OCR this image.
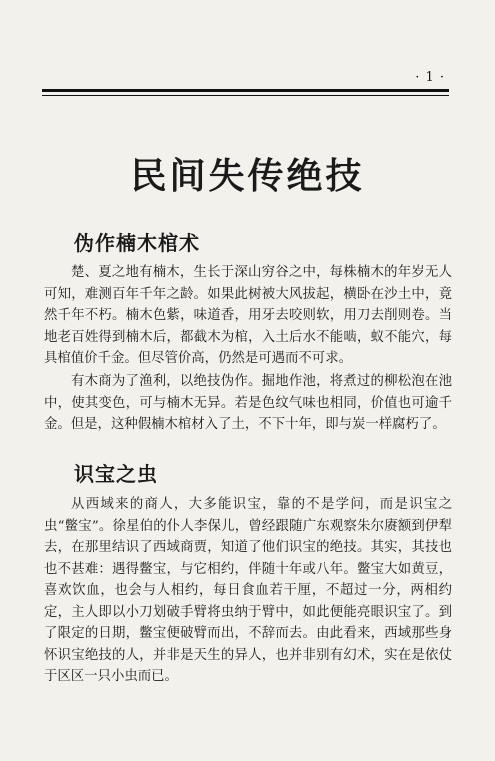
· 1 ·
民间失传绝技
伪作楠木棺术

楚、夏之地有楠木，生长于深山穷谷之中，每株楠木的年岁无人可知，难测百年千年之龄。如果此树被大风拔起，横卧在沙土中，竟然千年不朽。楠木色紫，味道香，用牙去咬则软，用刀去削则卷。当地老百姓得到楠木后，都截木为棺，入土后水不能啮，蚁不能穴，每具棺值价千金。但尽管价高，仍然是可遇而不可求。

有木商为了渔利，以绝技伪作。掘地作池，将煮过的柳松泡在池中，使其变色，可与楠木无异。若是色纹气味也相同，价值也可逾千金。但是，这种假楠木棺材入了土，不下十年，即与炭一样腐朽了。

识宝之虫

从西域来的商人，大多能识宝，靠的不是学问，而是识宝之虫“鳖宝”。徐星伯的仆人李保儿，曾经跟随广东观察朱尔赓额到伊犁去，在那里结识了西域商贾，知道了他们识宝的绝技。其实，其技也也不甚难：遇得鳖宝，与它相约，伴随十年或八年。鳖宝大如黄豆，喜欢饮血，也会与人相约，每日食血若干厘，不超过一分，两相约定，主人即以小刀划破手臂将虫纳于臂中，如此便能亮眼识宝了。到了限定的日期，鳖宝便破臂而出，不辞而去。由此看来，西域那些身怀识宝绝技的人，并非是天生的异人，也并非别有幻术，实在是依仗于区区一只小虫而已。
